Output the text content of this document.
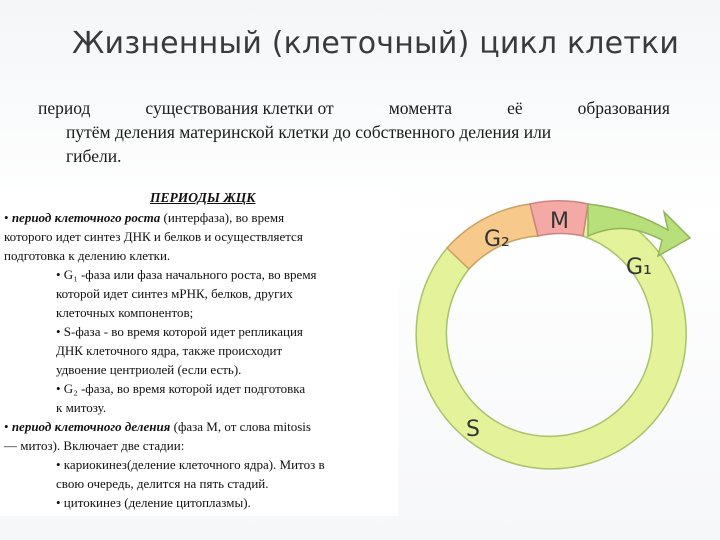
Жизненный (клеточный) цикл клетки
период	существования клетки от	момента	её	образования
путём деления материнской клетки до собственного деления или
гибели.
ПЕРИОДЫ ЖЦК
• период клеточного роста (интерфаза), во время
которого идет синтез ДНК и белков и осуществляется
подготовка к делению клетки.
• G₁ -фаза или фаза начального роста, во время
которой идет синтез мРНК, белков, других
клеточных компонентов;
• S-фаза - во время которой идет репликация
ДНК клеточного ядра, также происходит
удвоение центриолей (если есть).
• G₂ -фаза, во время которой идет подготовка
к митозу.
• период клеточного деления (фаза М, от слова mitosis
— митоз). Включает две стадии:
• кариокинез(деление клеточного ядра). Митоз в
свою очередь, делится на пять стадий.
• цитокинез (деление цитоплазмы).
G₂
M
G₁
S
